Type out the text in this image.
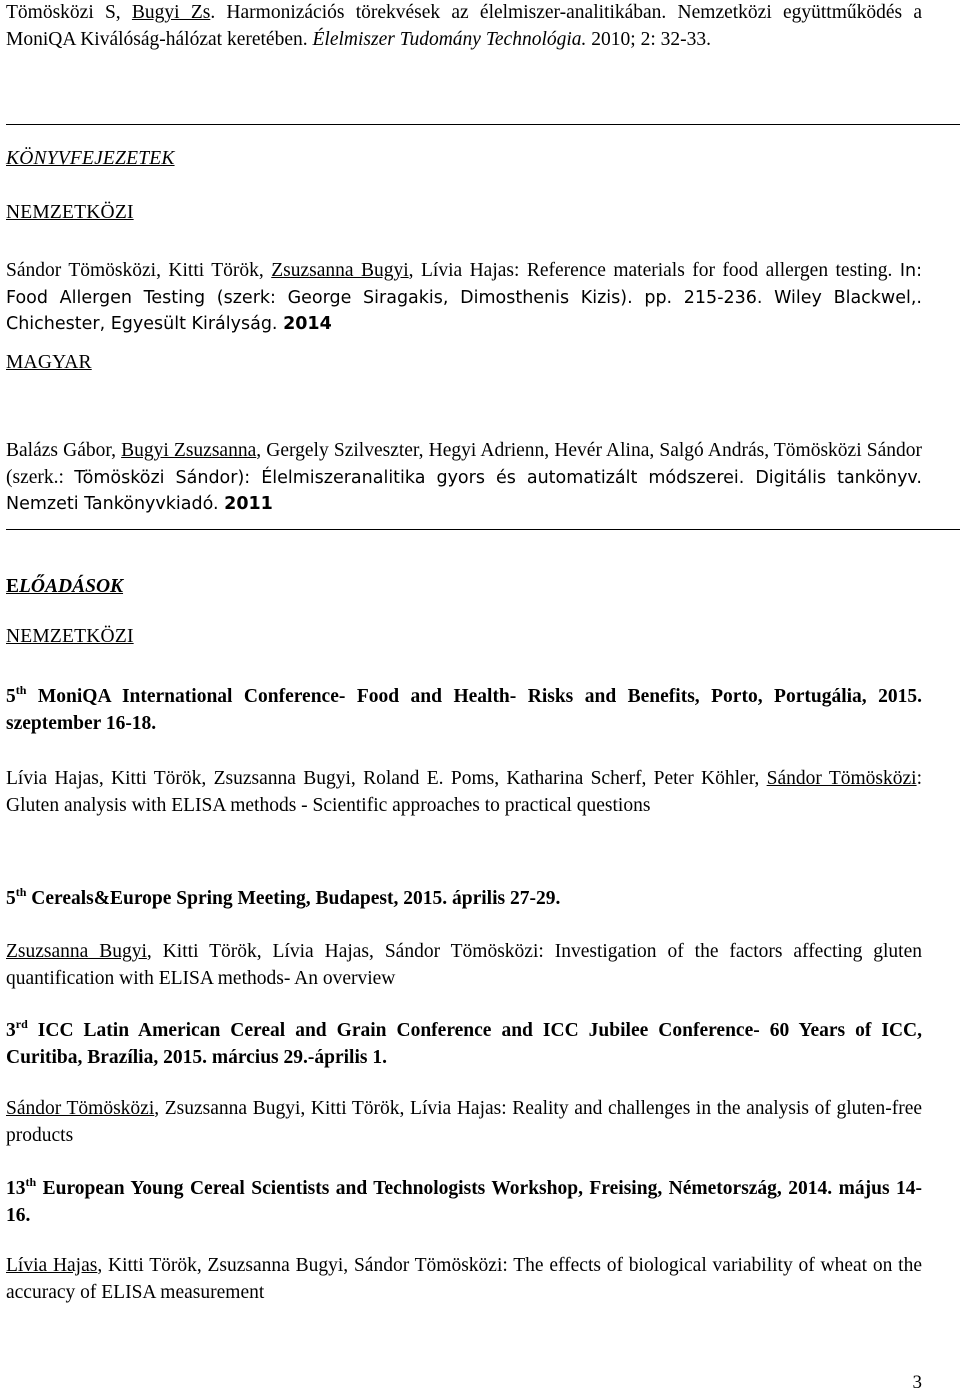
Tömösközi S, Bugyi Zs. Harmonizációs törekvések az élelmiszer-analitikában. Nemzetközi együttműködés a MoniQA Kiválóság-hálózat keretében. Élelmiszer Tudomány Technológia. 2010; 2: 32-33.

KÖNYVFEJEZETEK
NEMZETKÖZI

Sándor Tömösközi, Kitti Török, Zsuzsanna Bugyi, Lívia Hajas: Reference materials for food allergen testing. In: Food Allergen Testing (szerk: George Siragakis, Dimosthenis Kizis). pp. 215-236. Wiley Blackwel,. Chichester, Egyesült Királyság. 2014

MAGYAR

Balázs Gábor, Bugyi Zsuzsanna, Gergely Szilveszter, Hegyi Adrienn, Hevér Alina, Salgó András, Tömösközi Sándor (szerk.: Tömösközi Sándor): Élelmiszeranalitika gyors és automatizált módszerei. Digitális tankönyv. Nemzeti Tankönyvkiadó. 2011

ELŐADÁSOK
NEMZETKÖZI

5th MoniQA International Conference- Food and Health- Risks and Benefits, Porto, Portugália, 2015. szeptember 16-18.

Lívia Hajas, Kitti Török, Zsuzsanna Bugyi, Roland E. Poms, Katharina Scherf, Peter Köhler, Sándor Tömösközi: Gluten analysis with ELISA methods - Scientific approaches to practical questions

5th Cereals&Europe Spring Meeting, Budapest, 2015. április 27-29.

Zsuzsanna Bugyi, Kitti Török, Lívia Hajas, Sándor Tömösközi: Investigation of the factors affecting gluten quantification with ELISA methods- An overview

3rd ICC Latin American Cereal and Grain Conference and ICC Jubilee Conference- 60 Years of ICC, Curitiba, Brazília, 2015. március 29.-április 1.

Sándor Tömösközi, Zsuzsanna Bugyi, Kitti Török, Lívia Hajas: Reality and challenges in the analysis of gluten-free products

13th European Young Cereal Scientists and Technologists Workshop, Freising, Németország, 2014. május 14-16.

Lívia Hajas, Kitti Török, Zsuzsanna Bugyi, Sándor Tömösközi: The effects of biological variability of wheat on the accuracy of ELISA measurement

3
